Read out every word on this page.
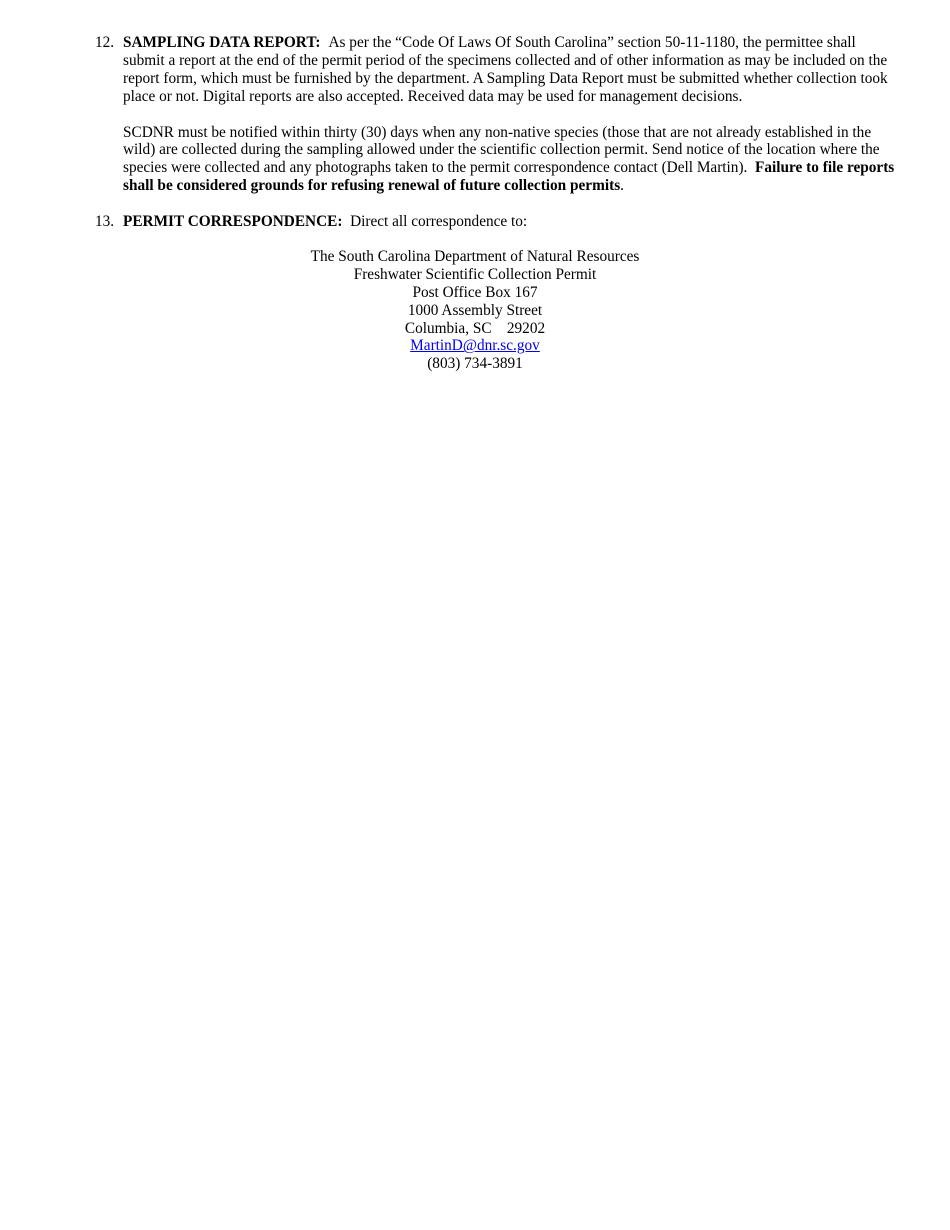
12. SAMPLING DATA REPORT: As per the “Code Of Laws Of South Carolina” section 50-11-1180, the permittee shall submit a report at the end of the permit period of the specimens collected and of other information as may be included on the report form, which must be furnished by the department. A Sampling Data Report must be submitted whether collection took place or not. Digital reports are also accepted. Received data may be used for management decisions.

SCDNR must be notified within thirty (30) days when any non-native species (those that are not already established in the wild) are collected during the sampling allowed under the scientific collection permit. Send notice of the location where the species were collected and any photographs taken to the permit correspondence contact (Dell Martin). Failure to file reports shall be considered grounds for refusing renewal of future collection permits.

13. PERMIT CORRESPONDENCE: Direct all correspondence to:

The South Carolina Department of Natural Resources
Freshwater Scientific Collection Permit
Post Office Box 167
1000 Assembly Street
Columbia, SC 29202
MartinD@dnr.sc.gov
(803) 734-3891
